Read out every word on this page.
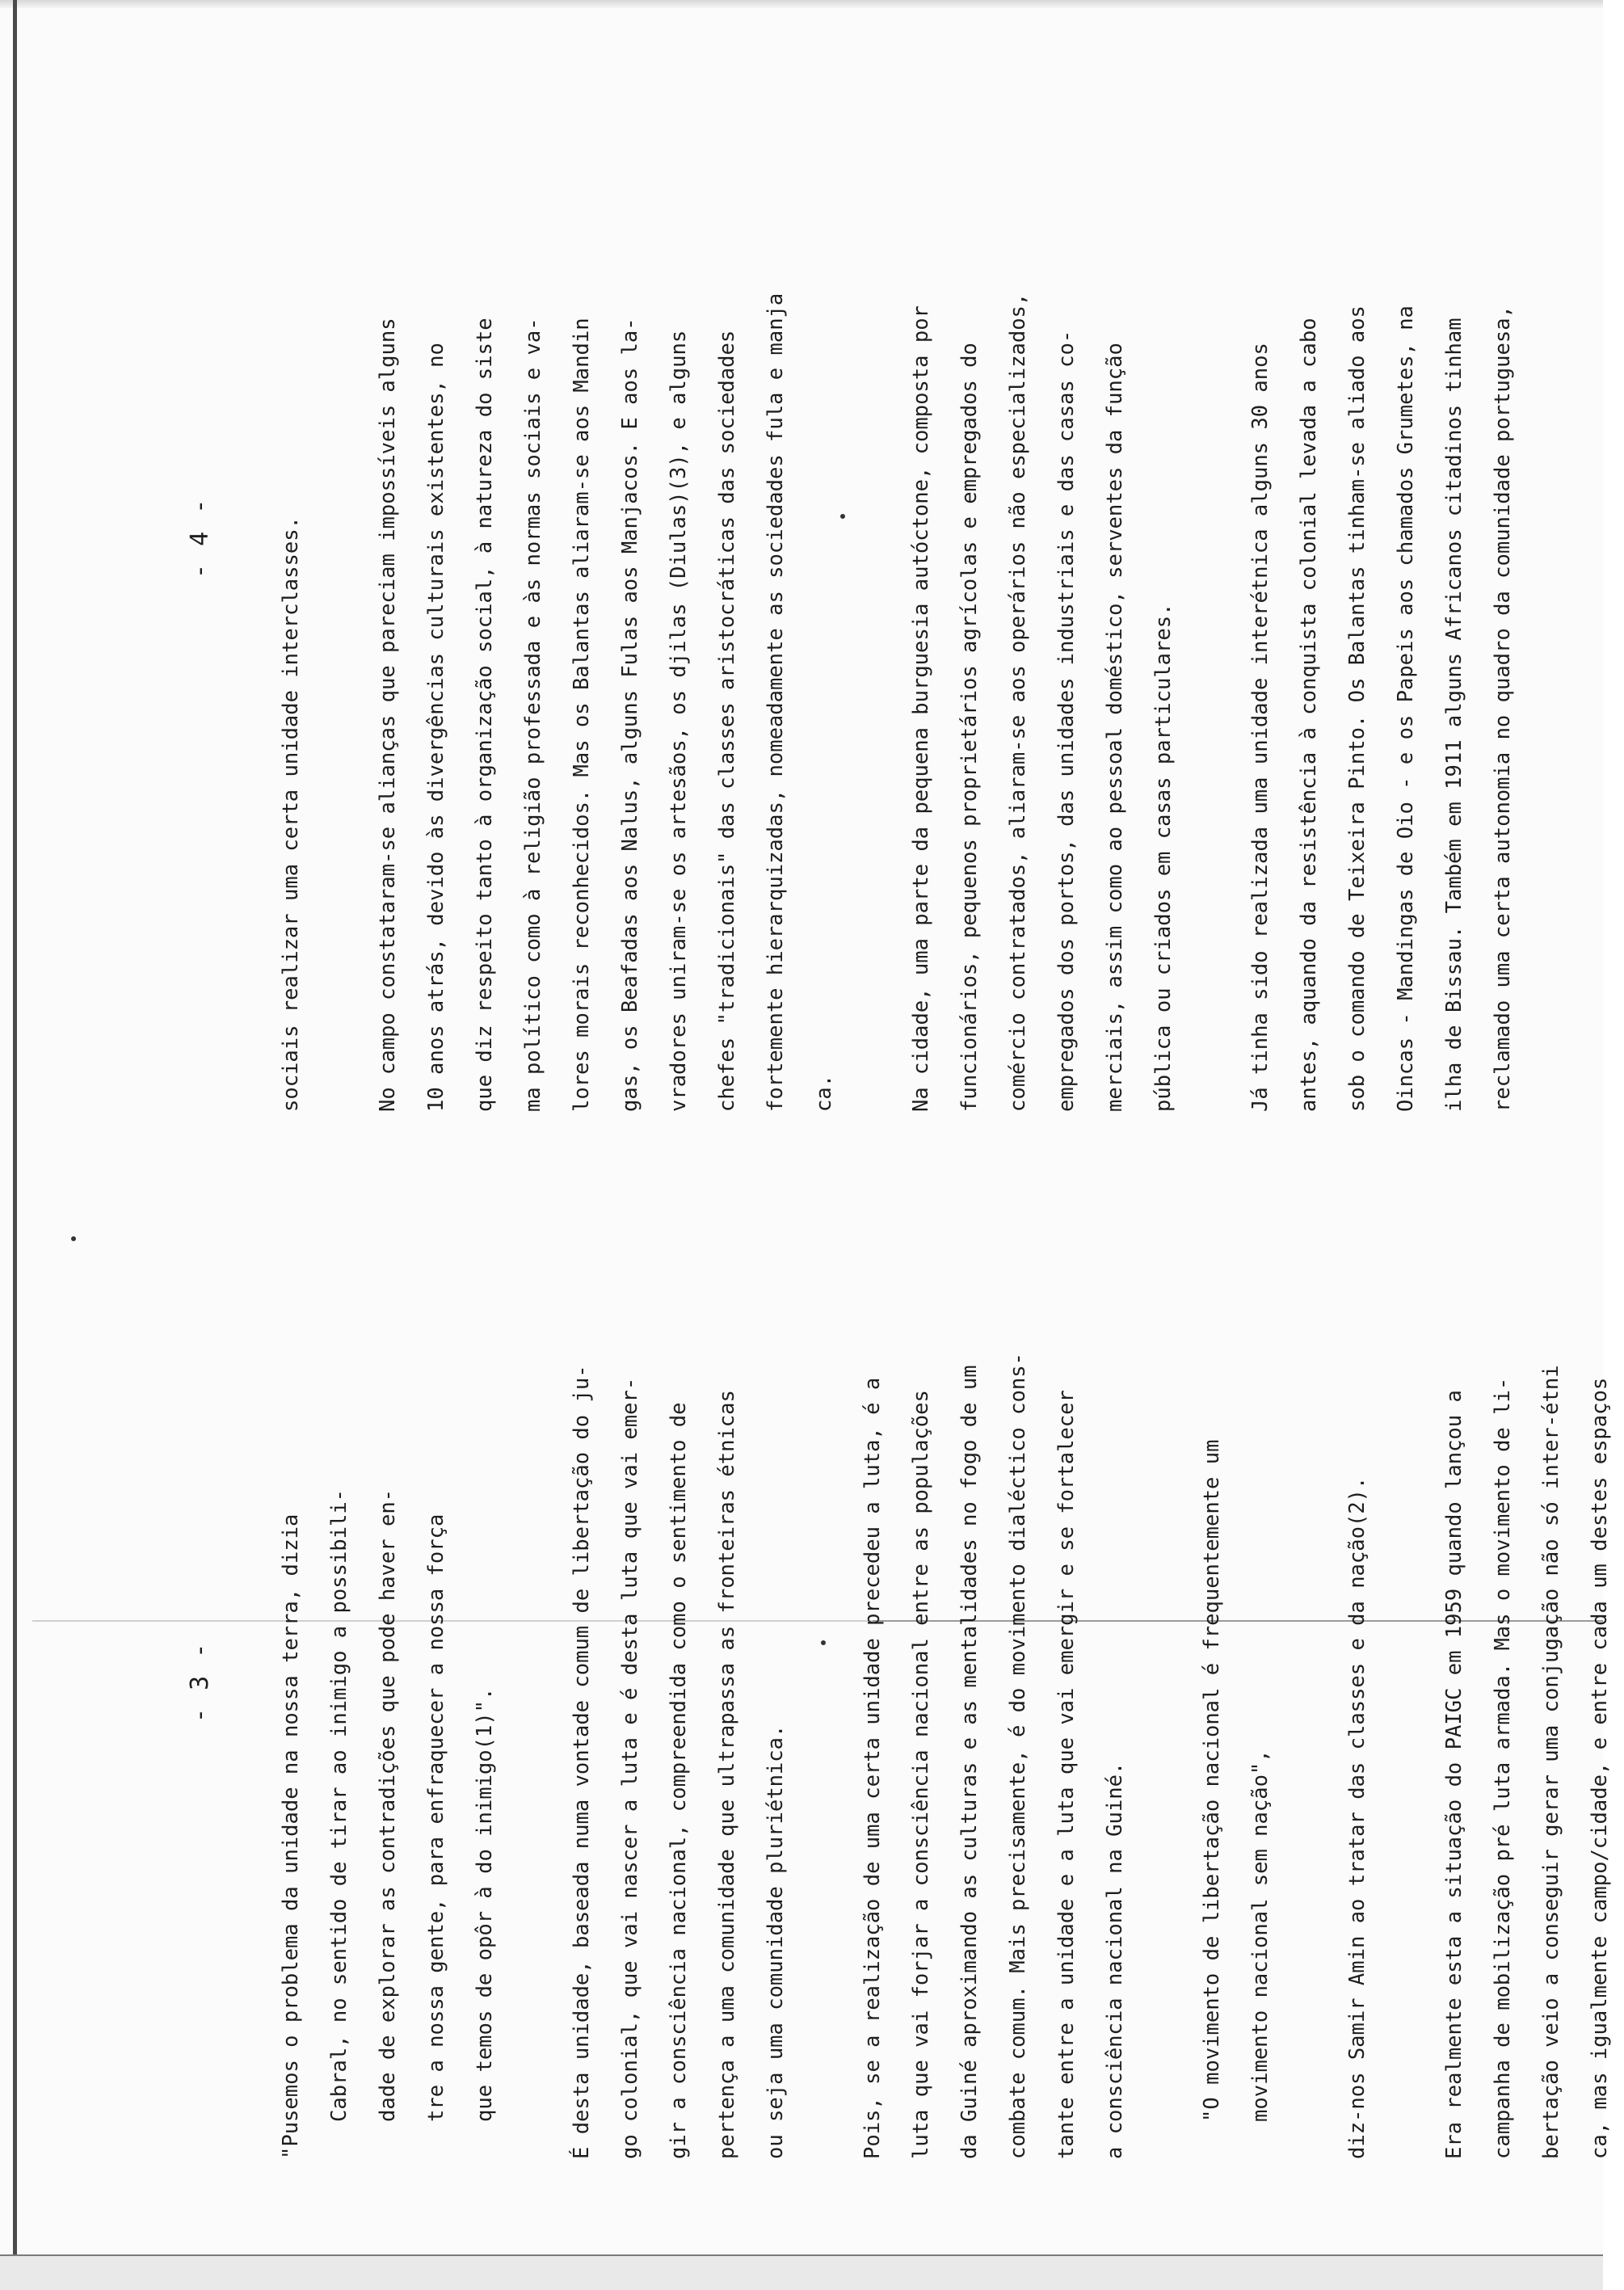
- 3 -	"Pusemos o problema da unidade na nossa terra, dizia	Cabral, no sentido de tirar ao inimigo a possibili-	dade de explorar as contradições que pode haver en-	tre a nossa gente, para enfraquecer a nossa força	que temos de opôr à do inimigo(1)".	É desta unidade, baseada numa vontade comum de libertação do ju-	go colonial, que vai nascer a luta e é desta luta que vai emer-	gir a consciência nacional, compreendida como o sentimento de	pertença a uma comunidade que ultrapassa as fronteiras étnicas	ou seja uma comunidade pluriétnica.	Pois, se a realização de uma certa unidade precedeu a luta, é a	luta que vai forjar a consciência nacional entre as populações	da Guiné aproximando as culturas e as mentalidades no fogo de um	combate comum. Mais precisamente, é do movimento dialéctico cons-	tante entre a unidade e a luta que vai emergir e se fortalecer	a consciência nacional na Guiné.	"O movimento de libertação nacional é frequentemente um	movimento nacional sem nação",	diz-nos Samir Amin ao tratar das classes e da nação(2).	Era realmente esta a situação do PAIGC em 1959 quando lançou a	campanha de mobilização pré luta armada. Mas o movimento de li-	bertação veio a conseguir gerar uma conjugação não só inter-étni	ca, mas igualmente campo/cidade, e entre cada um destes espaços
- 4 -	sociais realizar uma certa unidade interclasses.	No campo constataram-se alianças que pareciam impossíveis alguns	10 anos atrás, devido às divergências culturais existentes, no	que diz respeito tanto à organização social, à natureza do siste	ma político como à religião professada e às normas sociais e va-	lores morais reconhecidos. Mas os Balantas aliaram-se aos Mandin	gas, os Beafadas aos Nalus, alguns Fulas aos Manjacos. E aos la-	vradores uniram-se os artesãos, os djilas (Diulas)(3), e alguns	chefes "tradicionais" das classes aristocráticas das sociedades	fortemente hierarquizadas, nomeadamente as sociedades fula e manja	ca.	Na cidade, uma parte da pequena burguesia autóctone, composta por	funcionários, pequenos proprietários agrícolas e empregados do	comércio contratados, aliaram-se aos operários não especializados,	empregados dos portos, das unidades industriais e das casas co-	merciais, assim como ao pessoal doméstico, serventes da função	pública ou criados em casas particulares.	Já tinha sido realizada uma unidade interétnica alguns 30 anos	antes, aquando da resistência à conquista colonial levada a cabo	sob o comando de Teixeira Pinto. Os Balantas tinham-se aliado aos	Oincas - Mandingas de Oio - e os Papeis aos chamados Grumetes, na	ilha de Bissau. Também em 1911 alguns Africanos citadinos tinham	reclamado uma certa autonomia no quadro da comunidade portuguesa,
